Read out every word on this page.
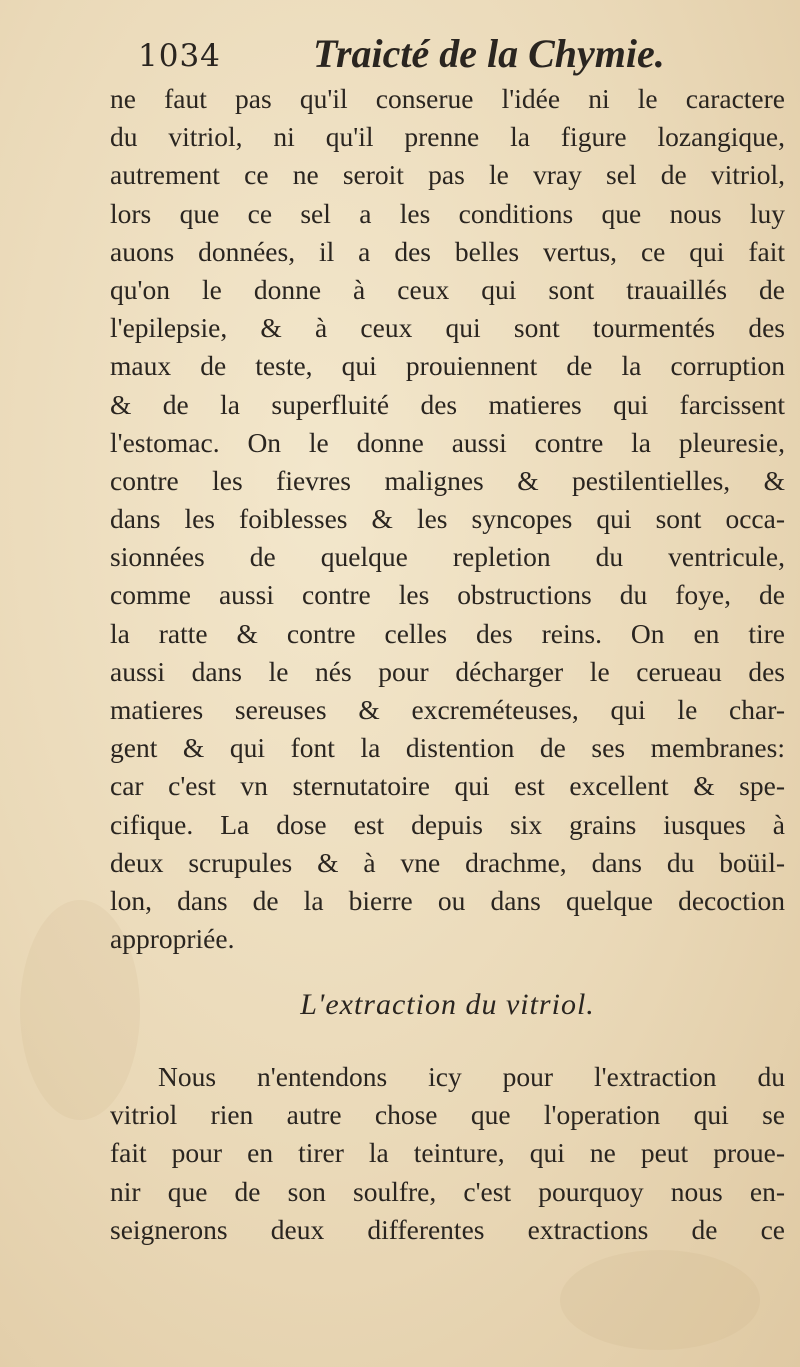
1034 Traicté de la Chymie.
ne faut pas qu'il conserue l'idée ni le caractere
du vitriol, ni qu'il prenne la figure lozangique,
autrement ce ne seroit pas le vray sel de vitriol,
lors que ce sel a les conditions que nous luy
auons données, il a des belles vertus, ce qui fait
qu'on le donne à ceux qui sont trauaillés de
l'epilepsie, & à ceux qui sont tourmentés des
maux de teste, qui prouiennent de la corruption
& de la superfluité des matieres qui farcissent
l'estomac. On le donne aussi contre la pleuresie,
contre les fievres malignes & pestilentielles, &
dans les foiblesses & les syncopes qui sont occa-
sionnées de quelque repletion du ventricule,
comme aussi contre les obstructions du foye, de
la ratte & contre celles des reins. On en tire
aussi dans le nés pour décharger le cerueau des
matieres sereuses & excreméteuses, qui le char-
gent & qui font la distention de ses membranes:
car c'est vn sternutatoire qui est excellent & spe-
cifique. La dose est depuis six grains iusques à
deux scrupules & à vne drachme, dans du boüil-
lon, dans de la bierre ou dans quelque decoction
appropriée.
L'extraction du vitriol.
Nous n'entendons icy pour l'extraction du
vitriol rien autre chose que l'operation qui se
fait pour en tirer la teinture, qui ne peut proue-
nir que de son soulfre, c'est pourquoy nous en-
seignerons deux differentes extractions de ce
